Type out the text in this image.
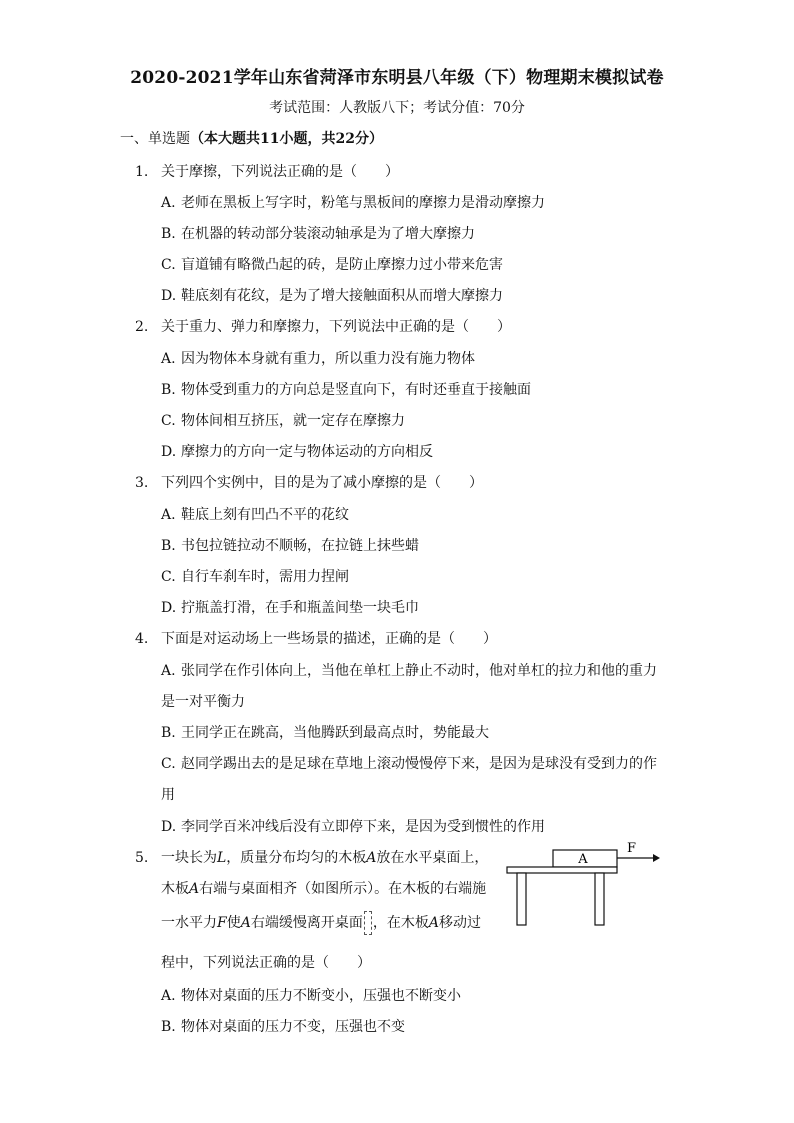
2020-2021学年山东省菏泽市东明县八年级（下）物理期末模拟试卷
考试范围：人教版八下；考试分值：70分
一、单选题（本大题共11小题，共22分）
1. 关于摩擦，下列说法正确的是（　　）
A. 老师在黑板上写字时，粉笔与黑板间的摩擦力是滑动摩擦力
B. 在机器的转动部分装滚动轴承是为了增大摩擦力
C. 盲道铺有略微凸起的砖，是防止摩擦力过小带来危害
D. 鞋底刻有花纹，是为了增大接触面积从而增大摩擦力
2. 关于重力、弹力和摩擦力，下列说法中正确的是（　　）
A. 因为物体本身就有重力，所以重力没有施力物体
B. 物体受到重力的方向总是竖直向下，有时还垂直于接触面
C. 物体间相互挤压，就一定存在摩擦力
D. 摩擦力的方向一定与物体运动的方向相反
3. 下列四个实例中，目的是为了减小摩擦的是（　　）
A. 鞋底上刻有凹凸不平的花纹
B. 书包拉链拉动不顺畅，在拉链上抹些蜡
C. 自行车刹车时，需用力捏闸
D. 拧瓶盖打滑，在手和瓶盖间垫一块毛巾
4. 下面是对运动场上一些场景的描述，正确的是（　　）
A. 张同学在作引体向上，当他在单杠上静止不动时，他对单杠的拉力和他的重力
是一对平衡力
B. 王同学正在跳高，当他腾跃到最高点时，势能最大
C. 赵同学踢出去的是足球在草地上滚动慢慢停下来，是因为是球没有受到力的作
用
D. 李同学百米冲线后没有立即停下来，是因为受到惯性的作用
5. 一块长为L，质量分布均匀的木板A放在水平桌面上，
木板A右端与桌面相齐（如图所示）。在木板的右端施
一水平力F使A右端缓慢离开桌面 ，在木板A移动过
程中，下列说法正确的是（　　）
A. 物体对桌面的压力不断变小，压强也不断变小
B. 物体对桌面的压力不变，压强也不变
A
F
